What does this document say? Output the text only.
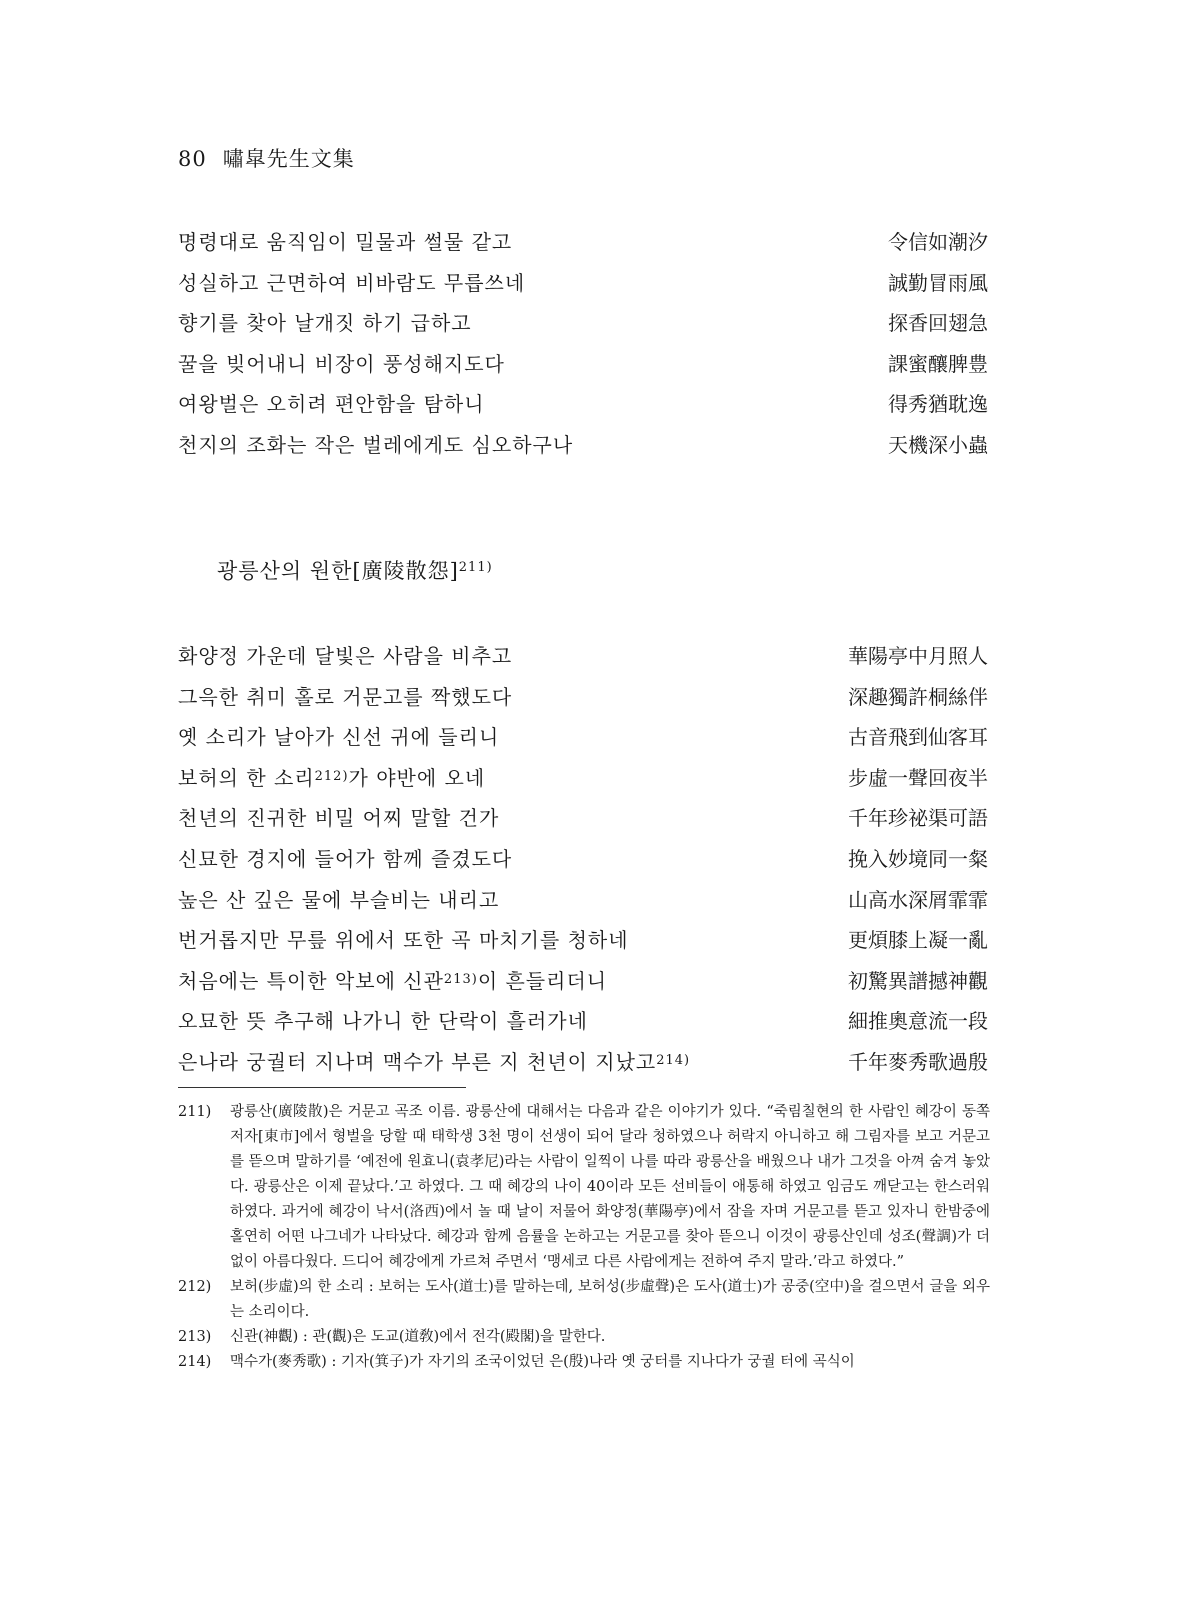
80 嘯皐先生文集
명령대로 움직임이 밀물과 썰물 같고	令信如潮汐
성실하고 근면하여 비바람도 무릅쓰네	誠勤冒雨風
향기를 찾아 날개짓 하기 급하고	探香回翅急
꿀을 빚어내니 비장이 풍성해지도다	課蜜釀脾豊
여왕벌은 오히려 편안함을 탐하니	得秀猶耽逸
천지의 조화는 작은 벌레에게도 심오하구나	天機深小蟲
광릉산의 원한[廣陵散怨]$^{211)}$
화양정 가운데 달빛은 사람을 비추고	華陽亭中月照人
그윽한 취미 홀로 거문고를 짝했도다	深趣獨許桐絲伴
옛 소리가 날아가 신선 귀에 들리니	古音飛到仙客耳
보허의 한 소리$^{212)}$가 야반에 오네	步虛一聲回夜半
천년의 진귀한 비밀 어찌 말할 건가	千年珍祕渠可語
신묘한 경지에 들어가 함께 즐겼도다	挽入妙境同一粲
높은 산 깊은 물에 부슬비는 내리고	山高水深屑霏霏
번거롭지만 무릎 위에서 또한 곡 마치기를 청하네	更煩膝上凝一亂
처음에는 특이한 악보에 신관$^{213)}$이 흔들리더니	初驚異譜撼神觀
오묘한 뜻 추구해 나가니 한 단락이 흘러가네	細推奧意流一段
은나라 궁궐터 지나며 맥수가 부른 지 천년이 지났고$^{214)}$	千年麥秀歌過殷
211)	광릉산(廣陵散)은 거문고 곡조 이름. 광릉산에 대해서는 다음과 같은 이야기가 있다. “죽림칠현의 한 사람인 혜강이 동쪽 저자[東市]에서 형벌을 당할 때 태학생 3천 명이 선생이 되어 달라 청하였으나 허락지 아니하고 해 그림자를 보고 거문고를 뜯으며 말하기를 ‘예전에 원효니(袁孝尼)라는 사람이 일찍이 나를 따라 광릉산을 배웠으나 내가 그것을 아껴 숨겨 놓았다. 광릉산은 이제 끝났다.’고 하였다. 그 때 혜강의 나이 40이라 모든 선비들이 애통해 하였고 임금도 깨닫고는 한스러워하였다. 과거에 혜강이 낙서(洛西)에서 놀 때 날이 저물어 화양정(華陽亭)에서 잠을 자며 거문고를 뜯고 있자니 한밤중에 홀연히 어떤 나그네가 나타났다. 혜강과 함께 음률을 논하고는 거문고를 찾아 뜯으니 이것이 광릉산인데 성조(聲調)가 더 없이 아름다웠다. 드디어 혜강에게 가르쳐 주면서 ‘맹세코 다른 사람에게는 전하여 주지 말라.’라고 하였다.”
212)	보허(步虛)의 한 소리 : 보허는 도사(道士)를 말하는데, 보허성(步虛聲)은 도사(道士)가 공중(空中)을 걸으면서 글을 외우는 소리이다.
213)	신관(神觀) : 관(觀)은 도교(道敎)에서 전각(殿閣)을 말한다.
214)	맥수가(麥秀歌) : 기자(箕子)가 자기의 조국이었던 은(殷)나라 옛 궁터를 지나다가 궁궐 터에 곡식이
